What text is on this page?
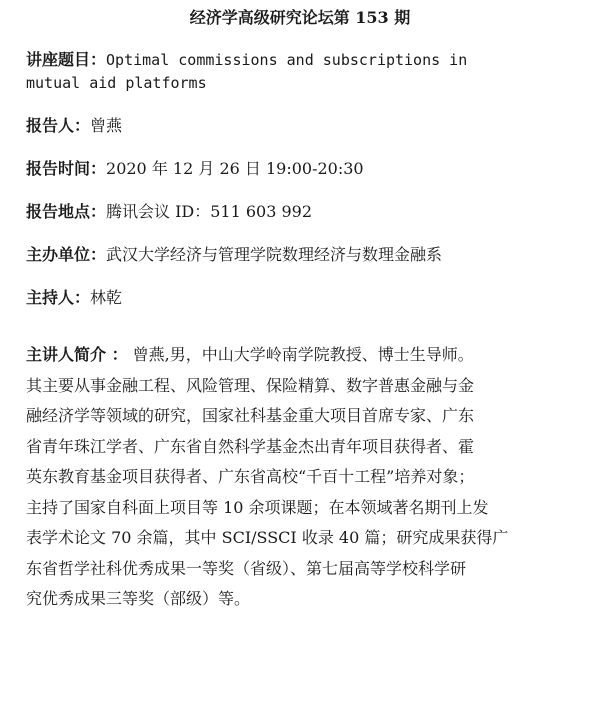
经济学高级研究论坛第 153 期
讲座题目：Optimal commissions and subscriptions in
mutual aid platforms
报告人：曾燕
报告时间：2020 年 12 月 26 日 19:00-20:30
报告地点：腾讯会议 ID：511 603 992
主办单位：武汉大学经济与管理学院数理经济与数理金融系
主持人：林乾
主讲人简介 ： 曾燕,男，中山大学岭南学院教授、博士生导师。
其主要从事金融工程、风险管理、保险精算、数字普惠金融与金
融经济学等领域的研究，国家社科基金重大项目首席专家、广东
省青年珠江学者、广东省自然科学基金杰出青年项目获得者、霍
英东教育基金项目获得者、广东省高校“千百十工程”培养对象；
主持了国家自科面上项目等 10 余项课题；在本领域著名期刊上发
表学术论文 70 余篇，其中 SCI/SSCI 收录 40 篇；研究成果获得广
东省哲学社科优秀成果一等奖（省级）、第七届高等学校科学研
究优秀成果三等奖（部级）等。
